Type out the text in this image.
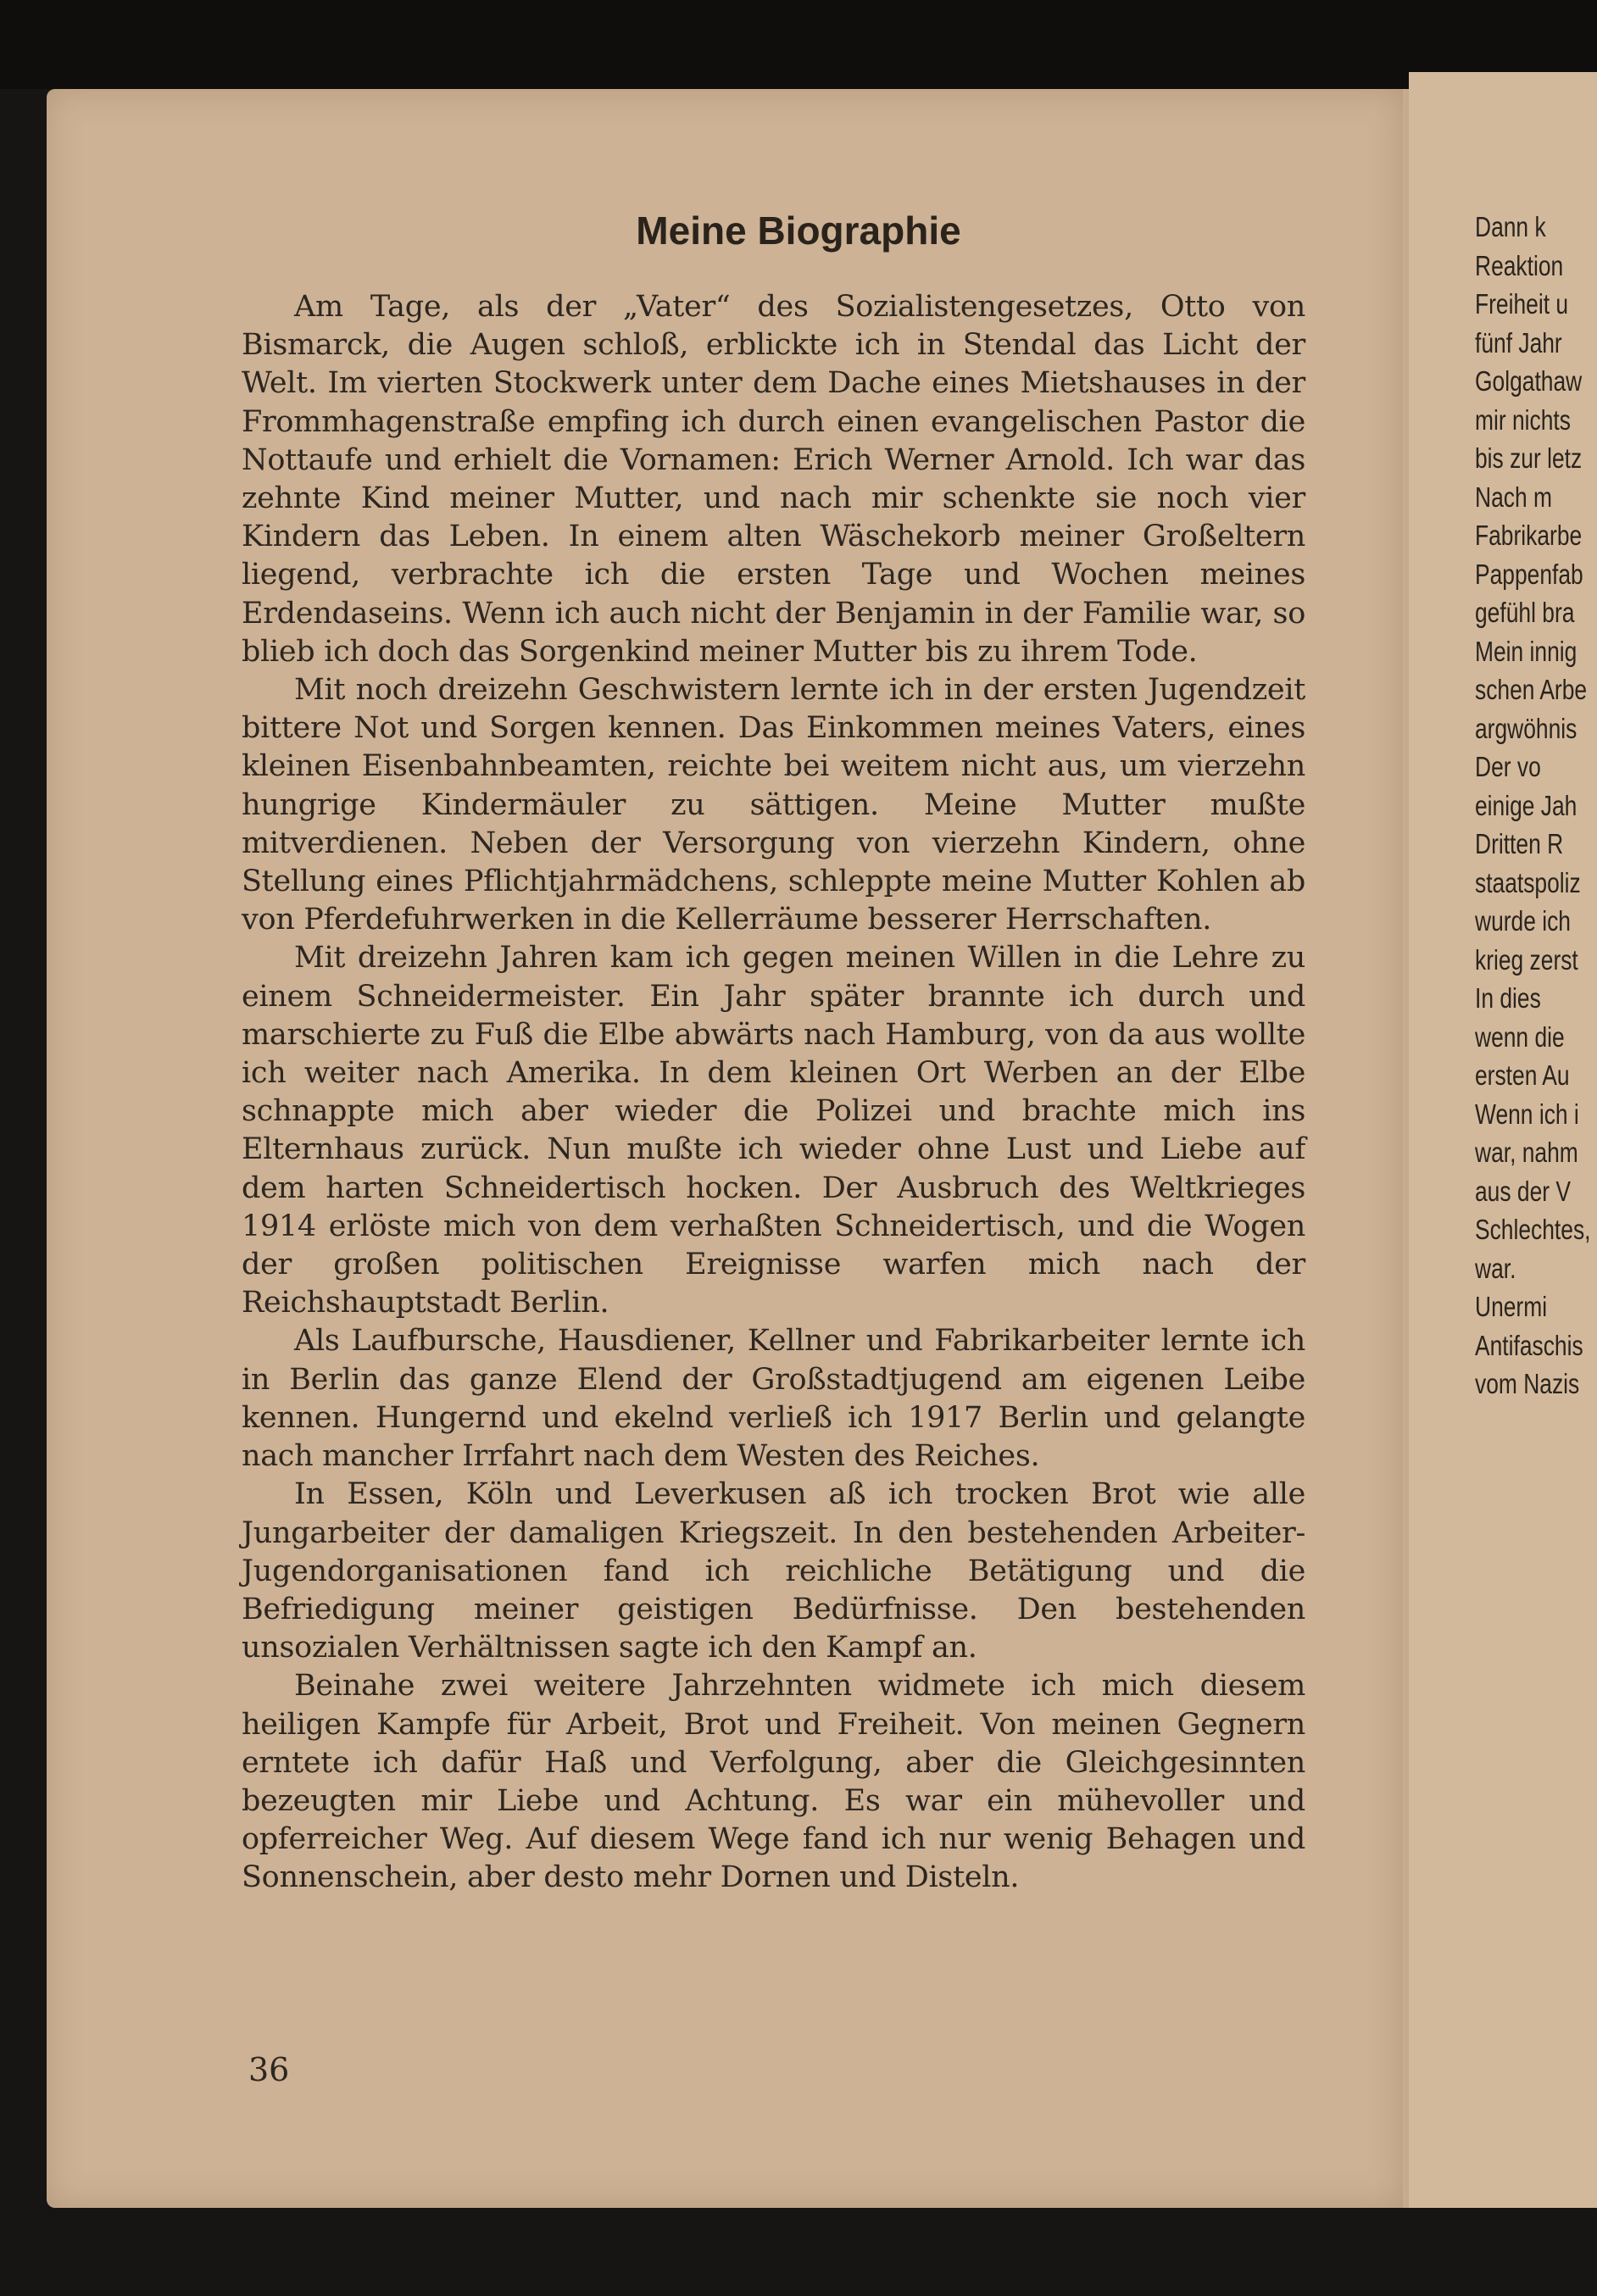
Dann k
Reaktion
Freiheit u
fünf Jahr
Golgathaw
mir nichts
bis zur letz
Nach m
Fabrikarbe
Pappenfab
gefühl bra
Mein innig
schen Arbe
argwöhnis
Der vo
einige Jah
Dritten R
staatspoliz
wurde ich
krieg zerst
In dies
wenn die
ersten Au
Wenn ich i
war, nahm
aus der V
Schlechtes,
war.
Unermi
Antifaschis
vom Nazis
Meine Biographie

Am Tage, als der „Vater“ des Sozialistengesetzes, Otto von Bismarck, die Augen schloß, erblickte ich in Stendal das Licht der Welt. Im vierten Stockwerk unter dem Dache eines Mietshauses in der Frommhagenstraße empfing ich durch einen evangelischen Pastor die Nottaufe und erhielt die Vornamen: Erich Werner Arnold. Ich war das zehnte Kind meiner Mutter, und nach mir schenkte sie noch vier Kindern das Leben. In einem alten Wäschekorb meiner Großeltern liegend, verbrachte ich die ersten Tage und Wochen meines Erdendaseins. Wenn ich auch nicht der Benjamin in der Familie war, so blieb ich doch das Sorgenkind meiner Mutter bis zu ihrem Tode.

Mit noch dreizehn Geschwistern lernte ich in der ersten Jugendzeit bittere Not und Sorgen kennen. Das Einkommen meines Vaters, eines kleinen Eisenbahnbeamten, reichte bei weitem nicht aus, um vierzehn hungrige Kindermäuler zu sättigen. Meine Mutter mußte mitverdienen. Neben der Versorgung von vierzehn Kindern, ohne Stellung eines Pflichtjahrmädchens, schleppte meine Mutter Kohlen ab von Pferdefuhrwerken in die Kellerräume besserer Herrschaften.

Mit dreizehn Jahren kam ich gegen meinen Willen in die Lehre zu einem Schneidermeister. Ein Jahr später brannte ich durch und marschierte zu Fuß die Elbe abwärts nach Hamburg, von da aus wollte ich weiter nach Amerika. In dem kleinen Ort Werben an der Elbe schnappte mich aber wieder die Polizei und brachte mich ins Elternhaus zurück. Nun mußte ich wieder ohne Lust und Liebe auf dem harten Schneidertisch hocken. Der Ausbruch des Weltkrieges 1914 erlöste mich von dem verhaßten Schneidertisch, und die Wogen der großen politischen Ereignisse warfen mich nach der Reichshauptstadt Berlin.

Als Laufbursche, Hausdiener, Kellner und Fabrikarbeiter lernte ich in Berlin das ganze Elend der Großstadtjugend am eigenen Leibe kennen. Hungernd und ekelnd verließ ich 1917 Berlin und gelangte nach mancher Irrfahrt nach dem Westen des Reiches.

In Essen, Köln und Leverkusen aß ich trocken Brot wie alle Jungarbeiter der damaligen Kriegszeit. In den bestehenden Arbeiter-Jugendorganisationen fand ich reichliche Betätigung und die Befriedigung meiner geistigen Bedürfnisse. Den bestehenden unsozialen Verhältnissen sagte ich den Kampf an.

Beinahe zwei weitere Jahrzehnten widmete ich mich diesem heiligen Kampfe für Arbeit, Brot und Freiheit. Von meinen Gegnern erntete ich dafür Haß und Verfolgung, aber die Gleichgesinnten bezeugten mir Liebe und Achtung. Es war ein mühevoller und opferreicher Weg. Auf diesem Wege fand ich nur wenig Behagen und Sonnenschein, aber desto mehr Dornen und Disteln.

36
